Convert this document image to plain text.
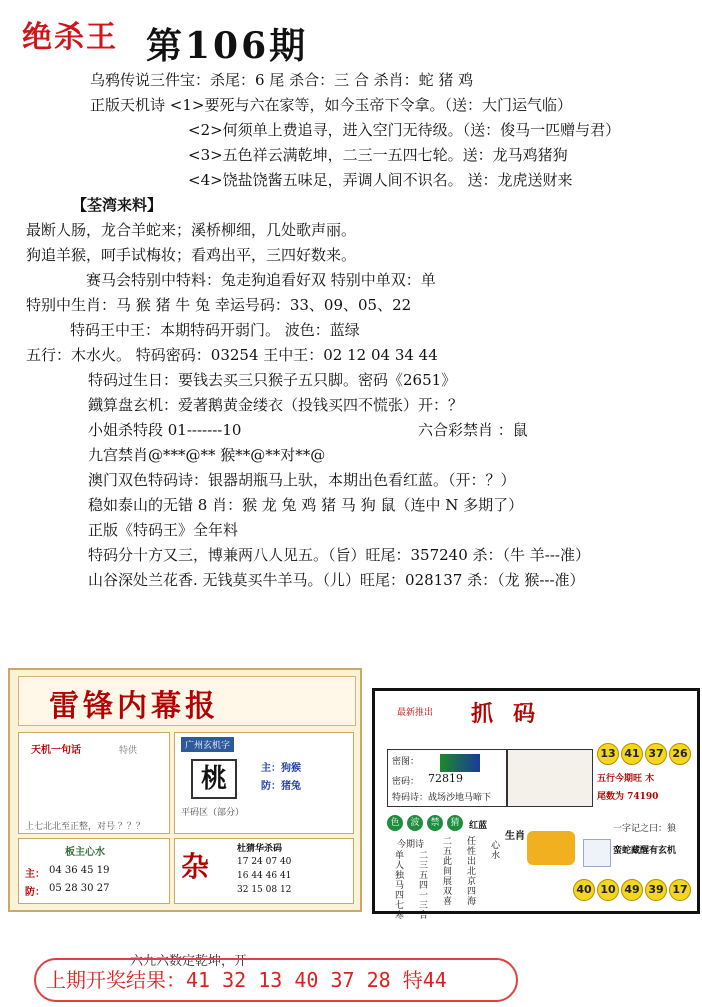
绝杀王 第106期
乌鸦传说三件宝：杀尾：6 尾 杀合：三 合 杀肖：蛇 猪 鸡
正版天机诗 <1>要死与六在家等，如今玉帝下令拿。（送：大门运气临）
<2>何须单上费追寻，进入空门无待级。（送：俊马一匹赠与君）
<3>五色祥云满乾坤，二三一五四七轮。送：龙马鸡猪狗
<4>饶盐饶酱五味足，弄调人间不识名。 送：龙虎送财来
【荃湾来料】
最断人肠，龙合羊蛇来；溪桥柳细，几处歌声丽。
狗追羊猴，呵手试梅妆；看鸡出平，三四好数来。
赛马会特别中特料：兔走狗追看好双 特别中单双：单
特别中生肖：马 猴 猪 牛 兔 幸运号码：33、09、05、22
特码王中王：本期特码开弱门。 波色：蓝绿
五行：木水火。 特码密码：03254 王中王：02 12 04 34 44
特码过生日：要钱去买三只猴子五只脚。密码《2651》
鐡算盘玄机：爱著鹅黄金缕衣（投钱买四不慌张）开：？
小姐杀特段 01-------10	六合彩禁肖 ：鼠
九宫禁肖@***@** 猴**@**对**@
澳门双色特码诗：银器胡瓶马上驮，本期出色看红蓝。（开：？）
稳如泰山的无错 8 肖：猴 龙 兔 鸡 猪 马 狗 鼠（连中 N 多期了）
正版《特码王》全年料
特码分十方又三，博兼两八人见五。（旨）旺尾：357240 杀：（牛 羊---准）
山谷深处兰花香. 无钱莫买牛羊马。（儿）旺尾：028137 杀：（龙 猴---准）
雷锋内幕报
天机一句话	特供
上七北北至正整，对号 ？？？
板主心水
主： 04 36 45 19
防： 05 28 30 27
广州玄机字
桃	主：狗猴
防：猪兔
平码区（部分）
杂
杜猜华杀码
17 24 07 40
16 44 46 41
32 15 08 12
最新推出 抓码
13 41 37 26
五行今期旺 木
尾数为 74190
密图：
密码： 72819
特码诗：战场沙地马啼下
色	波	禁	猜	红蓝
今期诗
单人独马四七寒
二三五四一三合
二五此间展双喜
任性出北京四海
心水
生肖
一字记之曰：狼
蛮蛇藏醒有玄机
40 10 49 39 17
六九六数定乾坤，开
上期开奖结果：41 32 13 40 37 28 特44
